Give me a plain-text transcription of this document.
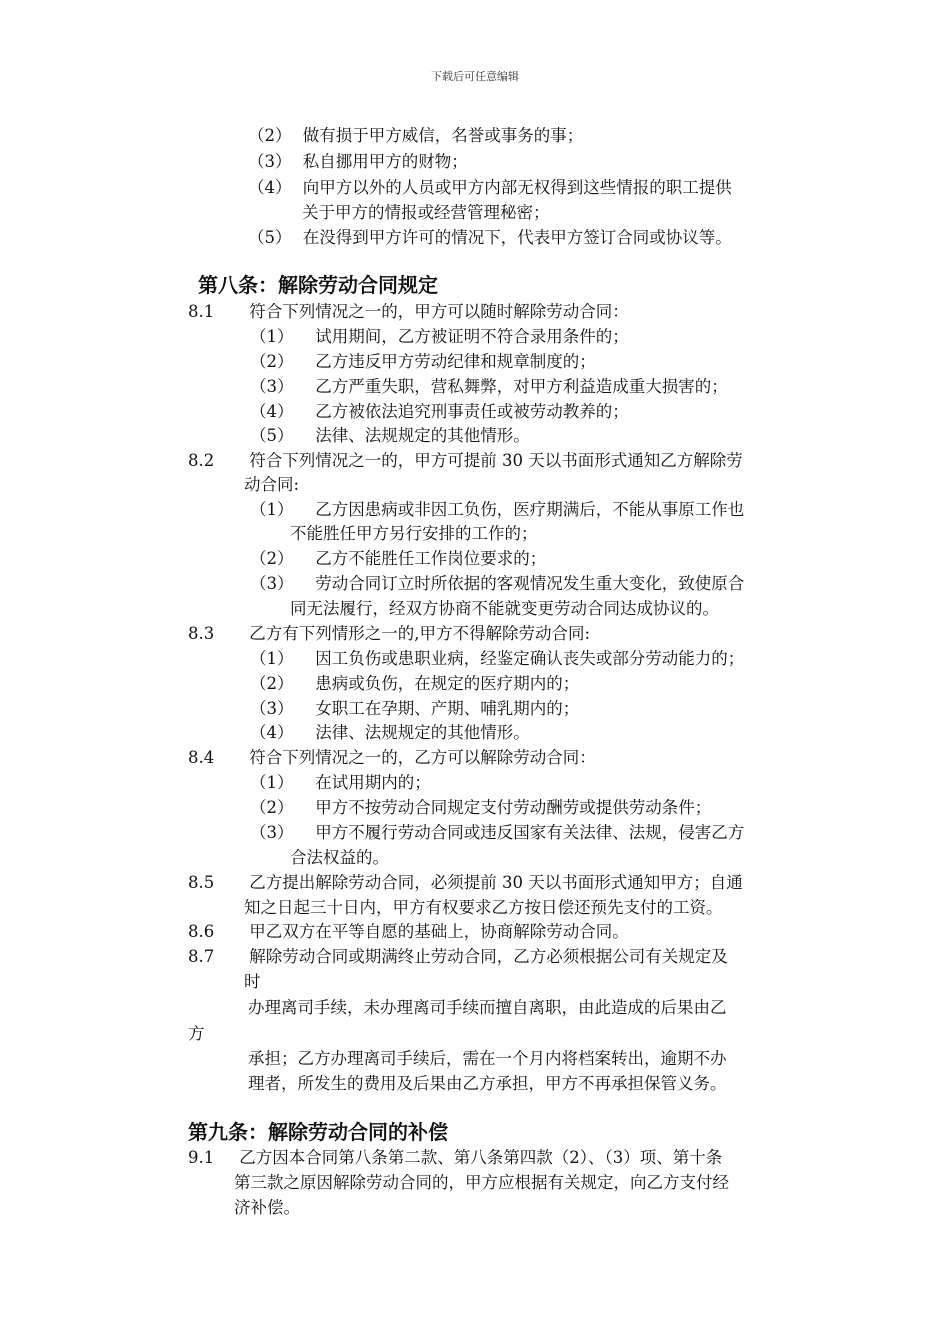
下载后可任意编辑
（2） 做有损于甲方威信，名誉或事务的事；
（3） 私自挪用甲方的财物；
（4） 向甲方以外的人员或甲方内部无权得到这些情报的职工提供
关于甲方的情报或经营管理秘密；
（5） 在没得到甲方许可的情况下，代表甲方签订合同或协议等。
第八条：解除劳动合同规定
8.1 符合下列情况之一的，甲方可以随时解除劳动合同：
（1） 试用期间，乙方被证明不符合录用条件的；
（2） 乙方违反甲方劳动纪律和规章制度的；
（3） 乙方严重失职，营私舞弊，对甲方利益造成重大损害的；
（4） 乙方被依法追究刑事责任或被劳动教养的；
（5） 法律、法规规定的其他情形。
8.2 符合下列情况之一的，甲方可提前 30 天以书面形式通知乙方解除劳
动合同:
（1） 乙方因患病或非因工负伤，医疗期满后，不能从事原工作也
不能胜任甲方另行安排的工作的；
（2） 乙方不能胜任工作岗位要求的；
（3） 劳动合同订立时所依据的客观情况发生重大变化，致使原合
同无法履行，经双方协商不能就变更劳动合同达成协议的。
8.3 乙方有下列情形之一的,甲方不得解除劳动合同:
（1） 因工负伤或患职业病，经鉴定确认丧失或部分劳动能力的；
（2） 患病或负伤，在规定的医疗期内的；
（3） 女职工在孕期、产期、哺乳期内的；
（4） 法律、法规规定的其他情形。
8.4 符合下列情况之一的，乙方可以解除劳动合同：
（1） 在试用期内的；
（2） 甲方不按劳动合同规定支付劳动酬劳或提供劳动条件；
（3） 甲方不履行劳动合同或违反国家有关法律、法规，侵害乙方
合法权益的。
8.5 乙方提出解除劳动合同，必须提前 30 天以书面形式通知甲方；自通
知之日起三十日内，甲方有权要求乙方按日偿还预先支付的工资。
8.6 甲乙双方在平等自愿的基础上，协商解除劳动合同。
8.7 解除劳动合同或期满终止劳动合同，乙方必须根据公司有关规定及
时
办理离司手续，未办理离司手续而擅自离职，由此造成的后果由乙
方
承担；乙方办理离司手续后，需在一个月内将档案转出，逾期不办
理者，所发生的费用及后果由乙方承担，甲方不再承担保管义务。
第九条：解除劳动合同的补偿
9.1 乙方因本合同第八条第二款、第八条第四款（2）、（3）项、第十条
第三款之原因解除劳动合同的，甲方应根据有关规定，向乙方支付经
济补偿。
